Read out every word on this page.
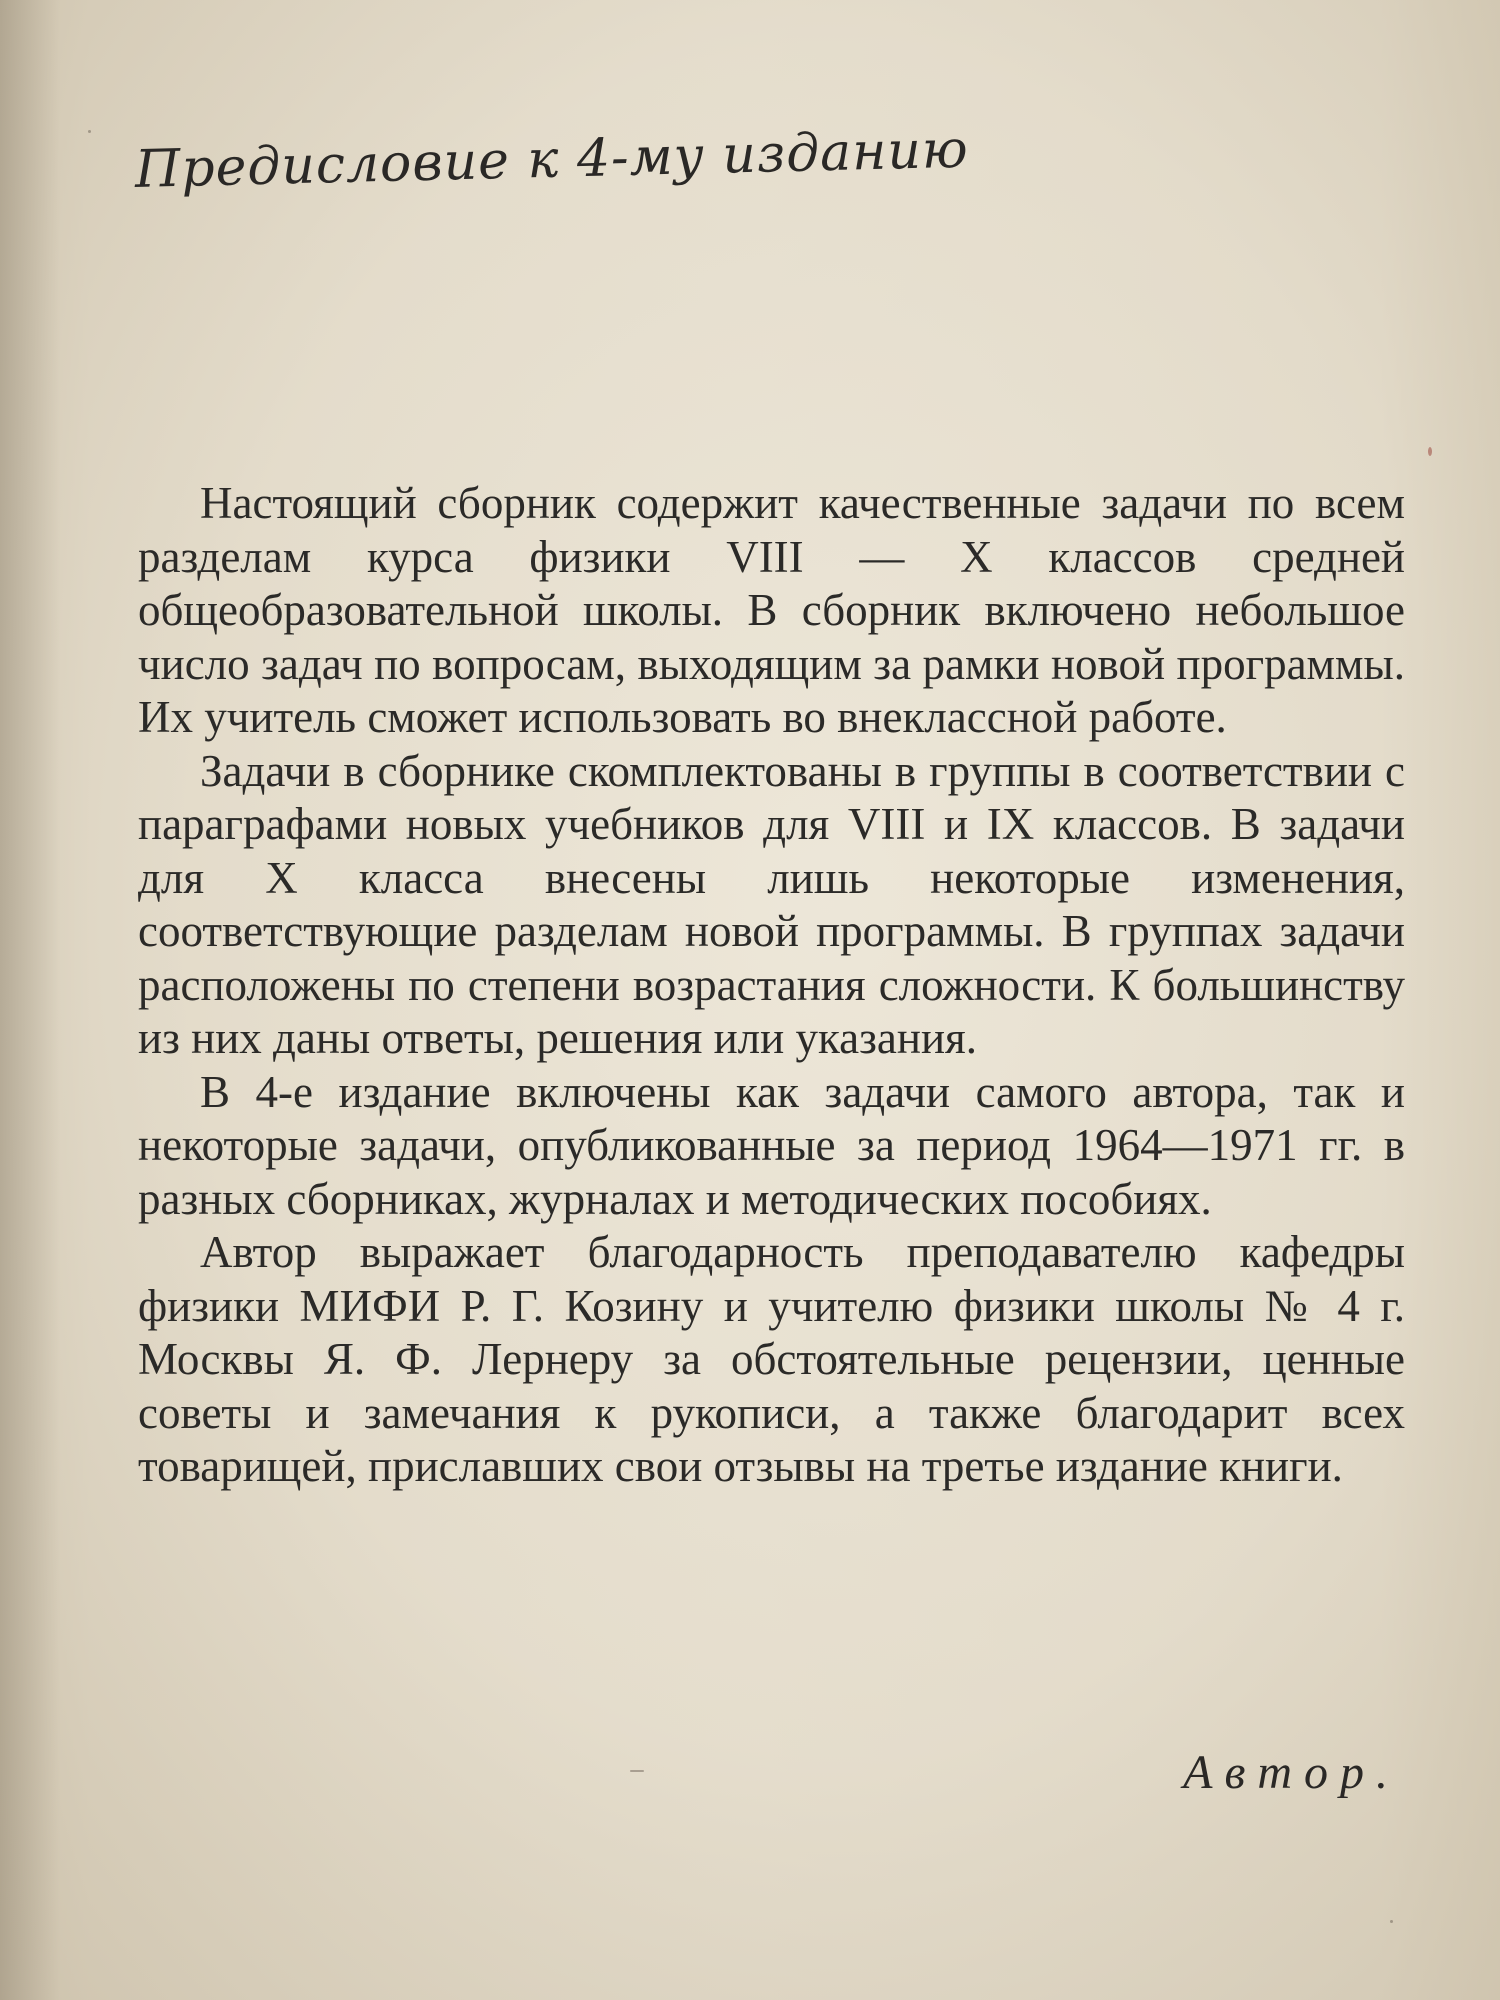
Предисловие к 4-му изданию

Настоящий сборник содержит качественные задачи по всем разделам курса физики VIII — X классов средней общеобразовательной школы. В сборник включено небольшое число задач по вопросам, выходящим за рамки новой программы. Их учитель сможет использовать во внеклассной работе.

Задачи в сборнике скомплектованы в группы в соответствии с параграфами новых учебников для VIII и IX классов. В задачи для X класса внесены лишь некоторые изменения, соответствующие разделам новой программы. В группах задачи расположены по степени возрастания сложности. К большинству из них даны ответы, решения или указания.

В 4-е издание включены как задачи самого автора, так и некоторые задачи, опубликованные за период 1964—1971 гг. в разных сборниках, журналах и методических пособиях.

Автор выражает благодарность преподавателю кафедры физики МИФИ Р. Г. Козину и учителю физики школы № 4 г. Москвы Я. Ф. Лернеру за обстоятельные рецензии, ценные советы и замечания к рукописи, а также благодарит всех товарищей, приславших свои отзывы на третье издание книги.

Автор.
